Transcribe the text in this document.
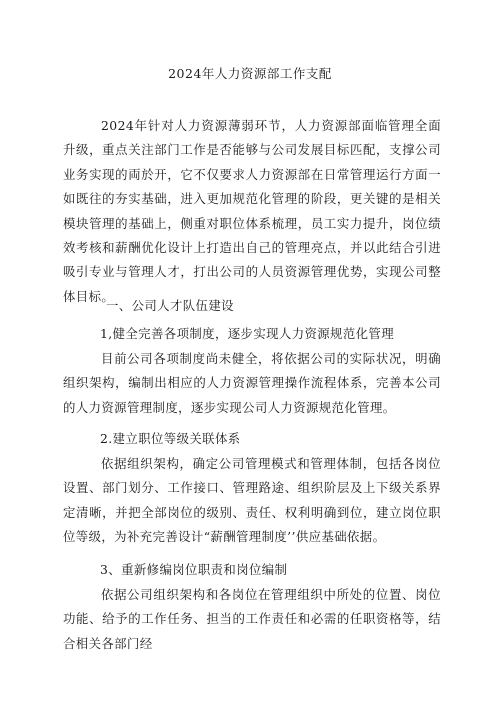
2024年人力资源部工作支配

2024年针对人力资源薄弱环节，人力资源部面临管理全面升级，重点关注部门工作是否能够与公司发展目标匹配，支撑公司业务实现的両於开，它不仅要求人力资源部在日常管理运行方面一如既往的夯实基础，进入更加规范化管理的阶段，更关键的是相关模块管理的基础上，侧重对职位体系梳理，员工实力提升，岗位绩效考核和薪酬优化设计上打造出自己的管理亮点，并以此结合引进吸引专业与管理人才，打出公司的人员资源管理优势，实现公司整体目标。

一、公司人才队伍建设

1,健全完善各项制度，逐步实现人力资源规范化管理

目前公司各项制度尚未健全，将依据公司的实际状况，明确组织架构，编制出相应的人力资源管理操作流程体系，完善本公司的人力资源管理制度，逐步实现公司人力资源规范化管理。

2.建立职位等级关联体系

依据组织架构，确定公司管理模式和管理体制，包括各岗位设置、部门划分、工作接口、管理路途、组织阶层及上下级关系界定清晰，并把全部岗位的级别、责任、权利明确到位，建立岗位职位等级，为补充完善设计“薪酬管理制度’’供应基础依据。

3、重新修编岗位职责和岗位编制

依据公司组织架构和各岗位在管理组织中所处的位置、岗位功能、给予的工作任务、担当的工作责任和必需的任职资格等，结合相关各部门经
